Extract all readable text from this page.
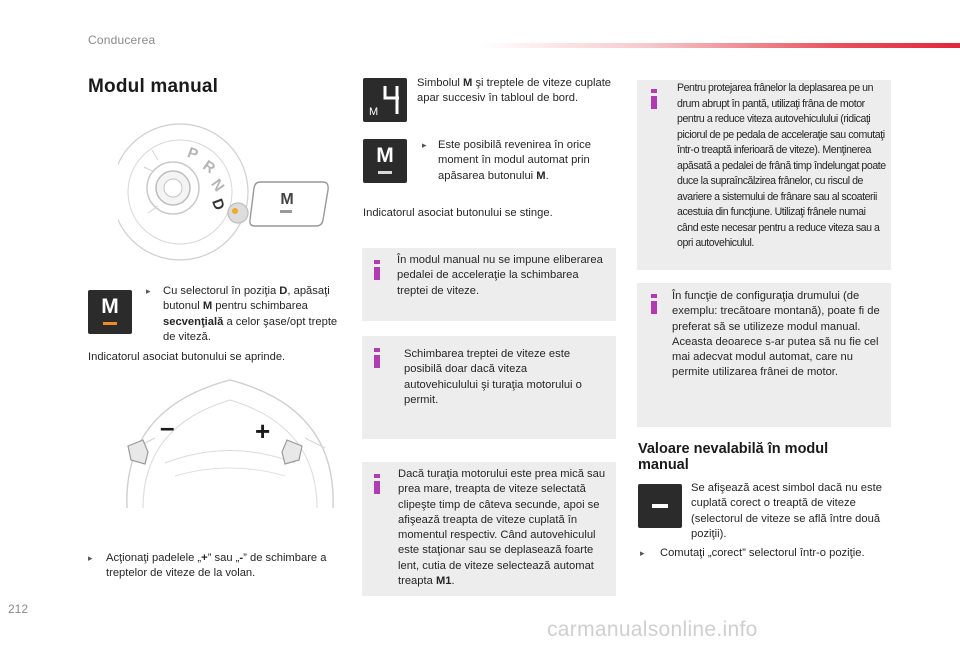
Conducerea
Modul manual
P
R
N
D	M
M
▸ Cu selectorul în poziţia D, apăsaţi butonul M pentru schimbarea secvenţială a celor şase/opt trepte de viteză.
Indicatorul asociat butonului se aprinde.
–	+
▸ Acţionaţi padelele „+” sau „-” de schimbare a treptelor de viteze de la volan.
M
Simbolul M şi treptele de viteze cuplate apar succesiv în tabloul de bord.
M	▸ Este posibilă revenirea în orice moment în modul automat prin apăsarea butonului M.
Indicatorul asociat butonului se stinge.
În modul manual nu se impune eliberarea pedalei de acceleraţie la schimbarea treptei de viteze.
Schimbarea treptei de viteze este posibilă doar dacă viteza autovehiculului şi turaţia motorului o permit.
Dacă turaţia motorului este prea mică sau prea mare, treapta de viteze selectată clipeşte timp de câteva secunde, apoi se afişează treapta de viteze cuplată în momentul respectiv. Când autovehiculul este staţionar sau se deplasează foarte lent, cutia de viteze selectează automat treapta M1.
Pentru protejarea frânelor la deplasarea pe un drum abrupt în pantă, utilizaţi frâna de motor pentru a reduce viteza autovehiculului (ridicaţi piciorul de pe pedala de acceleraţie sau comutaţi într-o treaptă inferioară de viteze). Menţinerea apăsată a pedalei de frână timp îndelungat poate duce la supraîncălzirea frânelor, cu riscul de avariere a sistemului de frânare sau al scoaterii acestuia din funcţiune. Utilizaţi frânele numai când este necesar pentru a reduce viteza sau a opri autovehiculul.
În funcţie de configuraţia drumului (de exemplu: trecătoare montană), poate fi de preferat să se utilizeze modul manual.
Aceasta deoarece s-ar putea să nu fie cel mai adecvat modul automat, care nu permite utilizarea frânei de motor.
Valoare nevalabilă în modul manual
Se afişează acest simbol dacă nu este cuplată corect o treaptă de viteze (selectorul de viteze se află între două poziţii).
▸ Comutaţi „corect” selectorul într-o poziţie.
212
carmanualsonline.info
